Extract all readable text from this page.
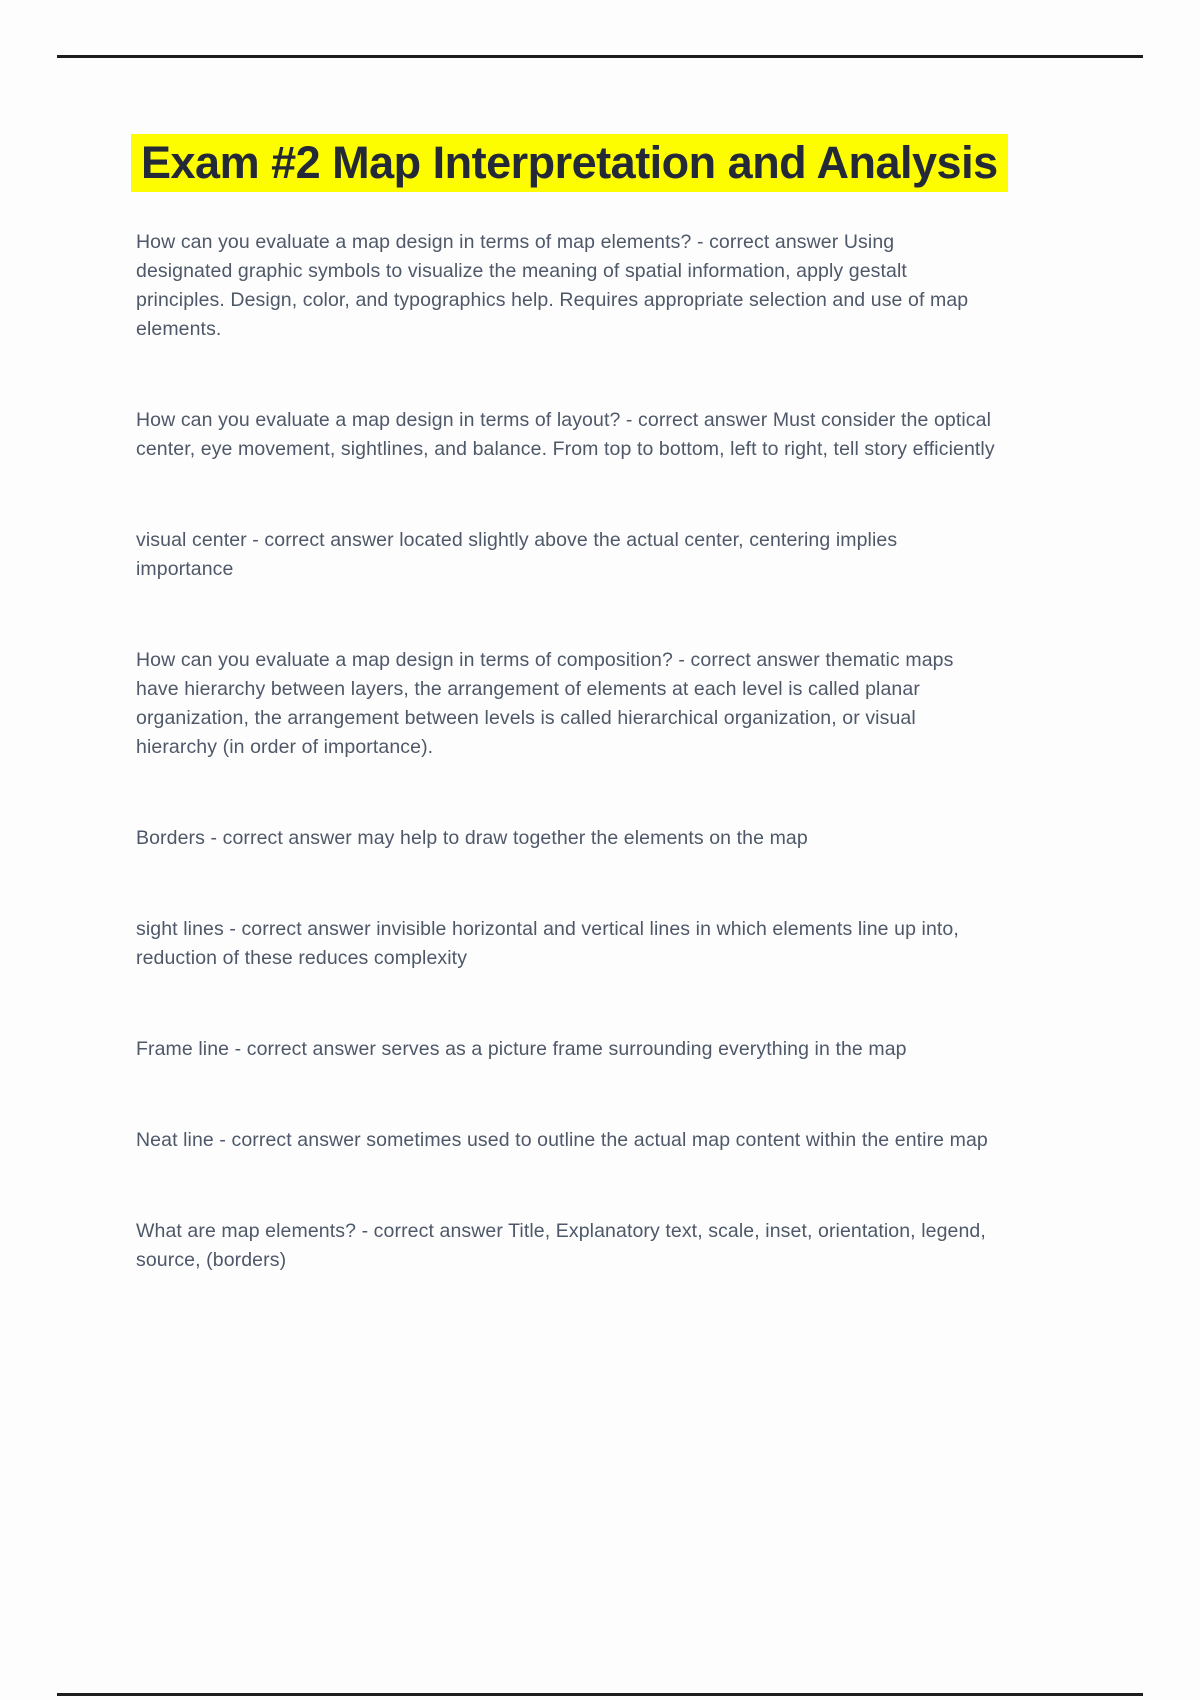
Exam #2 Map Interpretation and Analysis

How can you evaluate a map design in terms of map elements? - correct answer Using designated graphic symbols to visualize the meaning of spatial information, apply gestalt principles. Design, color, and typographics help. Requires appropriate selection and use of map elements.

How can you evaluate a map design in terms of layout? - correct answer Must consider the optical center, eye movement, sightlines, and balance. From top to bottom, left to right, tell story efficiently

visual center - correct answer located slightly above the actual center, centering implies importance

How can you evaluate a map design in terms of composition? - correct answer thematic maps have hierarchy between layers, the arrangement of elements at each level is called planar organization, the arrangement between levels is called hierarchical organization, or visual hierarchy (in order of importance).

Borders - correct answer may help to draw together the elements on the map

sight lines - correct answer invisible horizontal and vertical lines in which elements line up into, reduction of these reduces complexity

Frame line - correct answer serves as a picture frame surrounding everything in the map

Neat line - correct answer sometimes used to outline the actual map content within the entire map

What are map elements? - correct answer Title, Explanatory text, scale, inset, orientation, legend, source, (borders)
